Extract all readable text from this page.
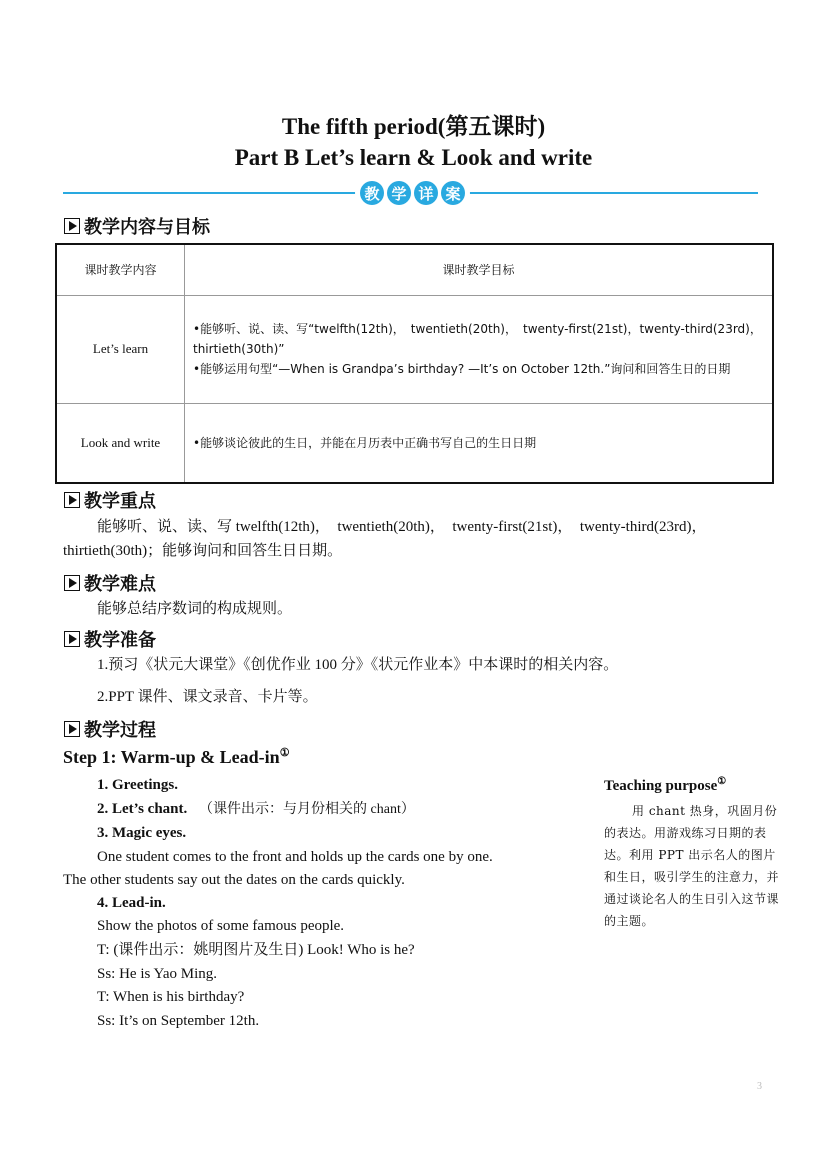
The fifth period(第五课时)
Part B Let’s learn & Look and write
教 学 详 案
教学内容与目标
课时教学内容	课时教学目标
Let’s learn	•能够听、说、读、写“twelfth(12th)，　twentieth(20th)，　twenty-first(21st)，twenty-third(23rd)，　thirtieth(30th)”
•能够运用句型“—When is Grandpa’s birthday? —It’s on October 12th.”询问和回答生日的日期

Look and write	•能够谈论彼此的生日，并能在月历表中正确书写自己的生日日期
教学重点
能够听、说、读、写 twelfth(12th)，　twentieth(20th)，　twenty-first(21st)，　twenty-third(23rd)，thirtieth(30th)；能够询问和回答生日日期。
教学难点
能够总结序数词的构成规则。
教学准备
1.预习《状元大课堂》《创优作业 100 分》《状元作业本》中本课时的相关内容。
2.PPT 课件、课文录音、卡片等。
教学过程
Step 1: Warm-up & Lead-in①
1. Greetings.
2. Let’s chant. （课件出示：与月份相关的 chant）
3. Magic eyes.
One student comes to the front and holds up the cards one by one.
The other students say out the dates on the cards quickly.
4. Lead-in.
Show the photos of some famous people.
T: (课件出示：姚明图片及生日) Look! Who is he?
Ss: He is Yao Ming.
T: When is his birthday?
Ss: It’s on September 12th.
Teaching purpose①
用 chant 热身，巩固月份的表达。用游戏练习日期的表达。利用 PPT 出示名人的图片和生日，吸引学生的注意力，并通过谈论名人的生日引入这节课的主题。
3
